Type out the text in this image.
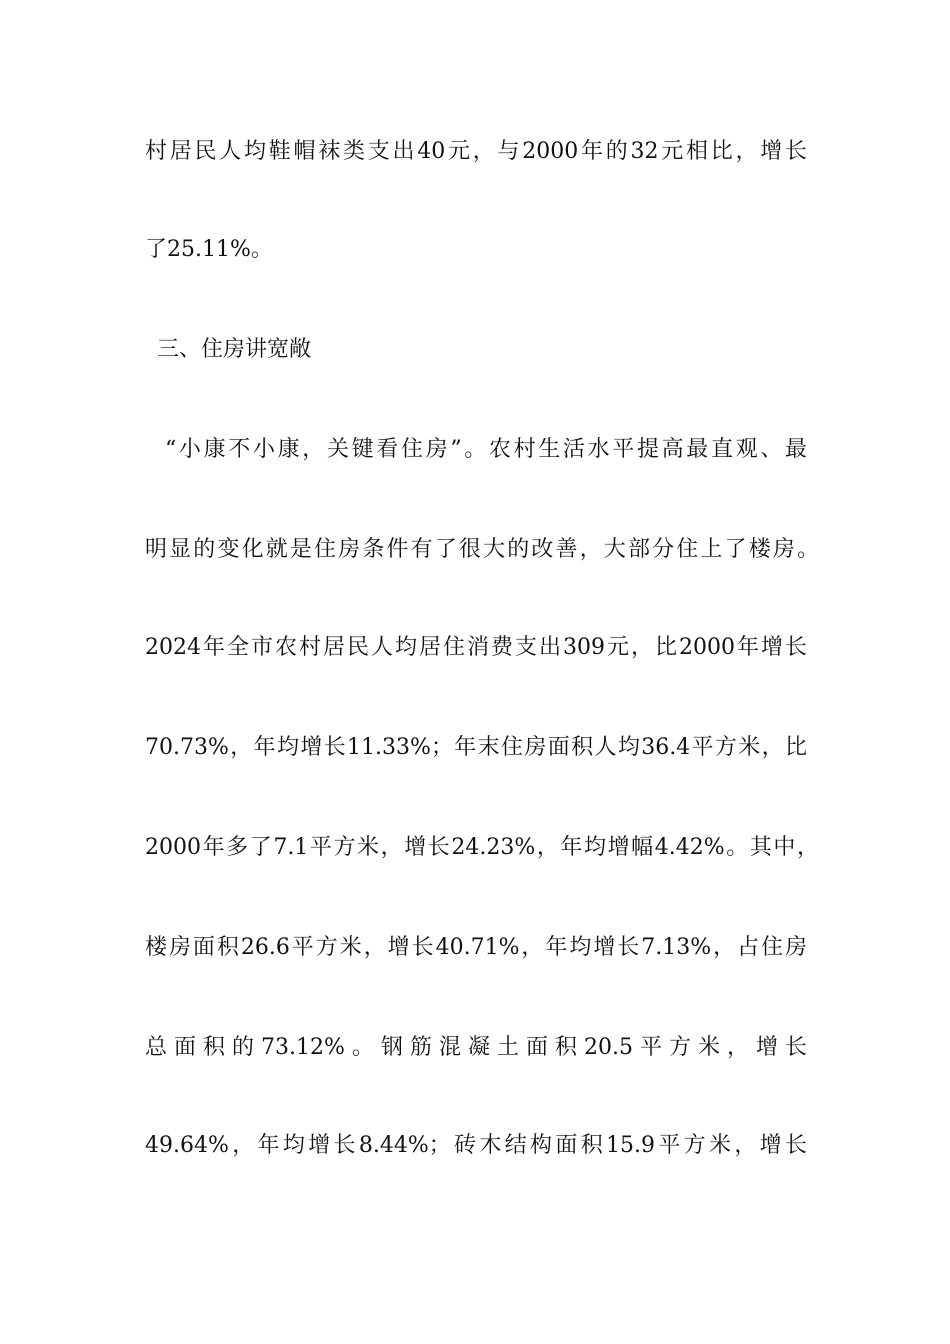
村居民人均鞋帽袜类支出40元，与2000年的32元相比，增长
了25.11%。
三、住房讲宽敞
“小康不小康，关键看住房”。农村生活水平提高最直观、最
明显的变化就是住房条件有了很大的改善，大部分住上了楼房。
2024年全市农村居民人均居住消费支出309元，比2000年增长
70.73%，年均增长11.33%；年末住房面积人均36.4平方米，比
2000年多了7.1平方米，增长24.23%，年均增幅4.42%。其中，
楼房面积26.6平方米，增长40.71%，年均增长7.13%，占住房
总面积的73.12%。钢筋混凝土面积20.5平方米，增长
49.64%，年均增长8.44%；砖木结构面积15.9平方米，增长
